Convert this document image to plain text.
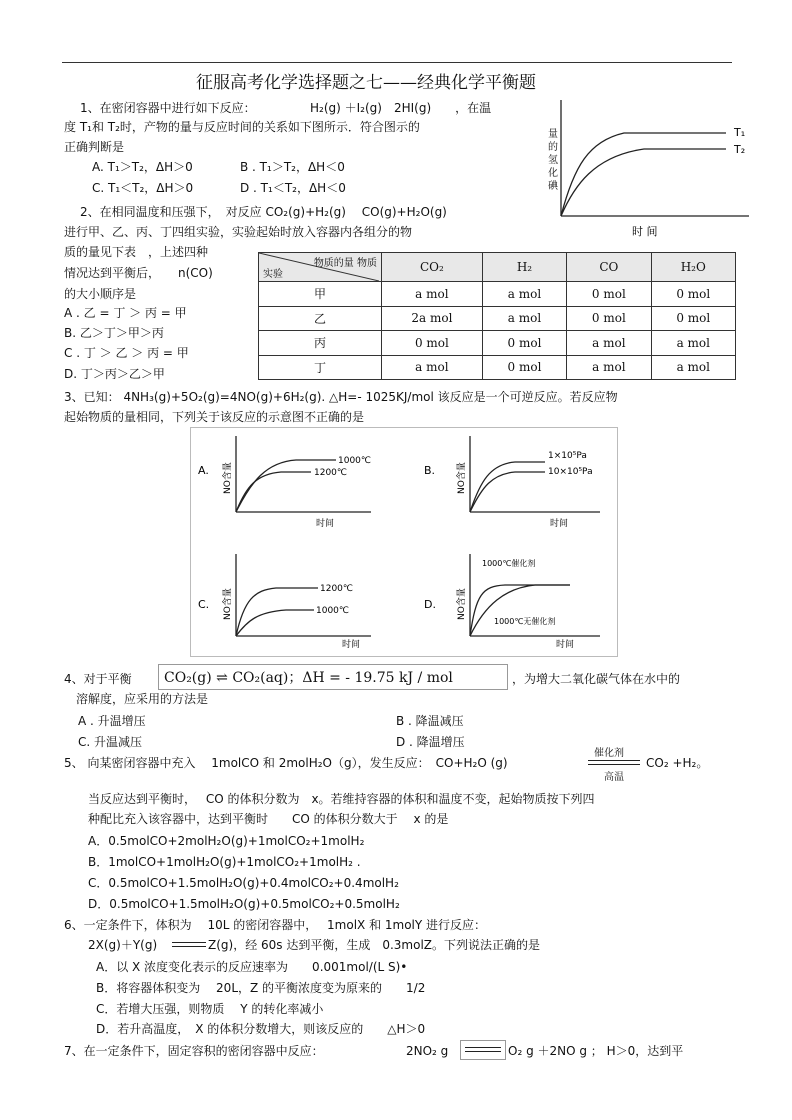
征服高考化学选择题之七——经典化学平衡题
1、在密闭容器中进行如下反应：	H₂(g) ＋I₂(g)　2HI(g)　　，在温
度 T₁和 T₂时，产物的量与反应时间的关系如下图所示．符合图示的
正确判断是
A. T₁＞T₂，ΔH＞0	B . T₁＞T₂，ΔH＜0
C. T₁＜T₂，ΔH＞0	D . T₁＜T₂，ΔH＜0
T₁
T₂
时 间
量的氢化碘
2、在相同温度和压强下，　对反应 CO₂(g)+H₂(g)　 CO(g)+H₂O(g)
进行甲、乙、丙、丁四组实验，实验起始时放入容器内各组分的物
质的量见下表　，上述四种
情况达到平衡后，　　n(CO)
的大小顺序是
A . 乙 = 丁 ＞ 丙 = 甲
B. 乙＞丁＞甲＞丙
C . 丁 ＞ 乙 ＞ 丙 = 甲
D. 丁＞丙＞乙＞甲
物质的量 物质
实验	CO₂	H₂	CO	H₂O
甲	a mol	a mol	0 mol	0 mol
乙	2a mol	a mol	0 mol	0 mol
丙	0 mol	0 mol	a mol	a mol
丁	a mol	0 mol	a mol	a mol
3、已知： 4NH₃(g)+5O₂(g)=4NO(g)+6H₂(g). △H=- 1025KJ/mol 该反应是一个可逆反应。若反应物
起始物质的量相同，下列关于该反应的示意图不正确的是
A.
1000℃
1200℃
时间
NO含量	B.
1×10⁵Pa
10×10⁵Pa
时间
NO含量
C.
1200℃
1000℃
时间
NO含量	D.
1000℃催化剂
1000℃无催化剂
时间
NO含量
4、对于平衡 CO₂(g) ⇌ CO₂(aq)；ΔH = - 19.75 kJ / mol	，为增大二氧化碳气体在水中的
溶解度，应采用的方法是
A . 升温增压	B . 降温减压
C. 升温减压	D . 降温增压
5、 向某密闭容器中充入　 1molCO 和 2molH₂O（g），发生反应：　CO+H₂O (g)
催化剂
高温
CO₂ +H₂。
当反应达到平衡时，　 CO 的体积分数为　x。若维持容器的体积和温度不变，起始物质按下列四
种配比充入该容器中，达到平衡时　　CO 的体积分数大于　 x 的是
A．0.5molCO+2molH₂O(g)+1molCO₂+1molH₂
B．1molCO+1molH₂O(g)+1molCO₂+1molH₂ .
C．0.5molCO+1.5molH₂O(g)+0.4molCO₂+0.4molH₂
D．0.5molCO+1.5molH₂O(g)+0.5molCO₂+0.5molH₂
6、一定条件下，体积为　 10L 的密闭容器中，　 1molX 和 1molY 进行反应：
2X(g)＋Y(g)	Z(g)，经 60s 达到平衡，生成　0.3molZ。下列说法正确的是
A．以 X 浓度变化表示的反应速率为　　0.001mol/(L S)•
B．将容器体积变为　 20L，Z 的平衡浓度变为原来的　　1/2
C．若增大压强，则物质　 Y 的转化率减小
D．若升高温度，　X 的体积分数增大，则该反应的　　△H＞0
7、在一定条件下，固定容积的密闭容器中反应：	2NO₂ g	O₂ g ＋2NO g ； H＞0，达到平
